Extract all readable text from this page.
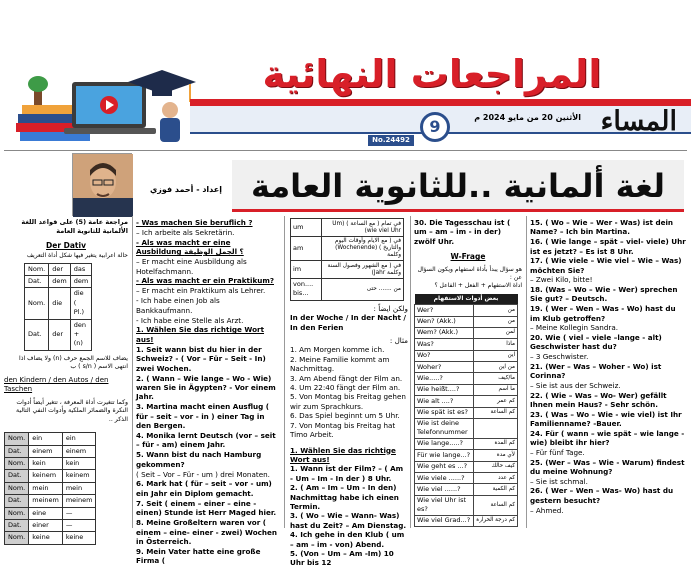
المراجعات النهائية
المساء
الأثنين 20 من مايو 2024 م
9
No.24492
إعداد - أحمد فوزي لغة ألمانية ..للثانوية العامة

مراجعة عامة (5) على قواعد اللغة الألمانية للثانوية العامة

Der Dativ

حالة اعرابية يتغير فيها شكل أداة التعريف

Nom.	der	das
Dat.	dem	dem
Nom.	die	die ( Pl.)
Dat.	der	den + (n)

يضاف للاسم الجمع حرف (n) ولا يضاف اذا انتهى الاسم ( s/n ) ب

den Kindern / den Autos / den Taschen

وكما تتغيرت أداة المعرفة ، تتغير أيضاً أدوات النكرة والضمائر الملكية وأدوات النفي التالية الذكر ..

Nom.	ein	ein
Dat.	einem	einem
Nom.	kein	kein
Dat.	keinem	keinem
Nom.	mein	mein
Dat.	meinem	meinem
Nom.	eine	—
Dat.	einer	—
Nom.	keine	keine

- Was machen Sie beruflich ?

– Ich arbeite als Sekretärin.

- Als was macht er eine Ausbildung ؟ الجمل الوظيفة

– Er macht eine Ausbildung als Hotelfachmann.

- Als was macht er ein Praktikum?

– Er macht ein Praktikum als Lehrer.

- Ich habe einen Job als Bankkaufmann.

- Ich habe eine Stelle als Arzt.

1. Wählen Sie das richtige Wort aus!

1. Seit wann bist du hier in der Schweiz? - ( Vor – Für – Seit - In) zwei Wochen.

2. ( Wann – Wie lange – Wo - Wie) waren Sie in Ägypten? - Vor einem Jahr.

3. Martina macht einen Ausflug ( für – seit – vor - in ) einer Tag in den Bergen.

4. Monika lernt Deutsch (vor – seit – für - am) einem Jahr.

5. Wann bist du nach Hamburg gekommen?

( Seit – Vor – Für - um ) drei Monaten.

6. Mark hat ( für – seit – vor - um) ein Jahr ein Diplom gemacht.

7. Seit ( einem – einer – eine - einen) Stunde ist Herr Maged hier.

8. Meine Großeltern waren vor ( einem – eine- einer - zwei) Wochen in Österreich.

9. Mein Vater hatte eine große Firma (

um	في تمام ( مع الساعة ) (Um wie viel Uhr)
am	في ( مع الايام وأوقات اليوم والتاريخ ) (Wochenende) وكلمة
im	في ( مع الشهور وفصول السنة وكلمة Jahr)
von.... bis...	من ....... حتى

ولكن ايضاً :

In der Woche / In der Nacht / In den Ferien

مثال :

1. Am Morgen komme ich.

2. Meine Familie kommt am Nachmittag.

3. Am Abend fängt der Film an.

4. Um 22:40 fängt der Film an.

5. Von Montag bis Freitag gehen wir zum Sprachkurs.

6. Das Spiel beginnt um 5 Uhr.

7. Von Montag bis Freitag hat Timo Arbeit.

1. Wählen Sie das richtige Wort aus!

1. Wann ist der Film? – ( Am - Um – Im - In der ) 8 Uhr.

2. ( Am – Im – Um - In den) Nachmittag habe ich einen Termin.

3. ( Wo – Wie – Wann- Was) hast du Zeit? – Am Dienstag.

4. Ich gehe in den Klub ( um – am – im - von) Abend.

5. (Von – Um – Am -Im) 10 Uhr bis 12

30. Die Tagesschau ist ( um – am – im - in der) zwölf Uhr.

W-Frage

هو سؤال يبدأ بأداة استفهام ويكون السؤال عن :

اداة الاستفهام + الفعل + الفاعل ؟

بعض أدوات الاستفهام	
Wer?	من
Wen? (Akk.)	من
Wem? (Akk.)	لمن
Was?	ماذا
Wo?	اين
Woher?	من اين
Wie.....?	ما/كيف
Wie heißt....?	ما اسم
Wie alt ....?	كم عمر
Wie spät ist es?	كم الساعة
Wie ist deine Telefonnummer	
Wie lange.....?	كم المدة
Für wie lange...?	لأي مدة
Wie geht es ...?	كيف حالك
Wie viele ......?	كم عدد
Wie viel ......?	كم الكمية
Wie viel Uhr ist es?	كم الساعة
Wie viel Grad...?	كم درجة الحرارة

15. ( Wo – Wie – Wer - Was) ist dein Name? – Ich bin Martina.

16. ( Wie lange – spät – viel- viele) Uhr ist es jetzt? – Es ist 8 Uhr.

17. ( Wie viele – Wie viel – Wie – Was) möchten Sie?

– Zwei Kilo, bitte!

18. (Was – Wo – Wie - Wer) sprechen Sie gut? – Deutsch.

19. ( Wer – Wen – Was - Wo) hast du im Klub getroffen?

– Meine Kollegin Sandra.

20. Wie ( viel – viele –lange - alt) Geschwister hast du?

– 3 Geschwister.

21. (Wer – Was – Woher - Wo) ist Corinna?

– Sie ist aus der Schweiz.

22. ( Wie – Was – Wo- Wer) gefällt Ihnen mein Haus? - Sehr schön.

23. ( Was – Wo – Wie - wie viel) ist Ihr Familienname? -Bauer.

24. Für ( wann – wie spät – wie lange - wie) bleibt ihr hier?

– Für fünf Tage.

25. (Wer – Was – Wie - Warum) findest du meine Wohnung?

– Sie ist schmal.

26. ( Wer – Wen – Was- Wo) hast du gestern besucht?

– Ahmed.
